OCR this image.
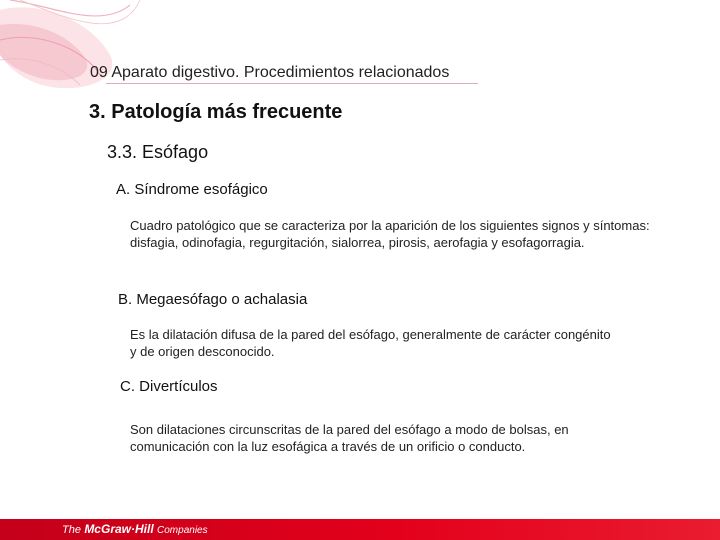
09 Aparato digestivo. Procedimientos relacionados
3. Patología más frecuente
3.3. Esófago
A. Síndrome esofágico
Cuadro patológico que se caracteriza por la aparición de los siguientes signos y síntomas: disfagia, odinofagia, regurgitación, sialorrea, pirosis, aerofagia y esofagorragia.
B. Megaesófago o achalasia
Es la dilatación difusa de la pared del esófago, generalmente de carácter congénito y de origen desconocido.
C. Divertículos
Son dilataciones circunscritas de la pared del esófago a modo de bolsas, en comunicación con la luz esofágica a través de un orificio o conducto.
The McGraw·Hill Companies
